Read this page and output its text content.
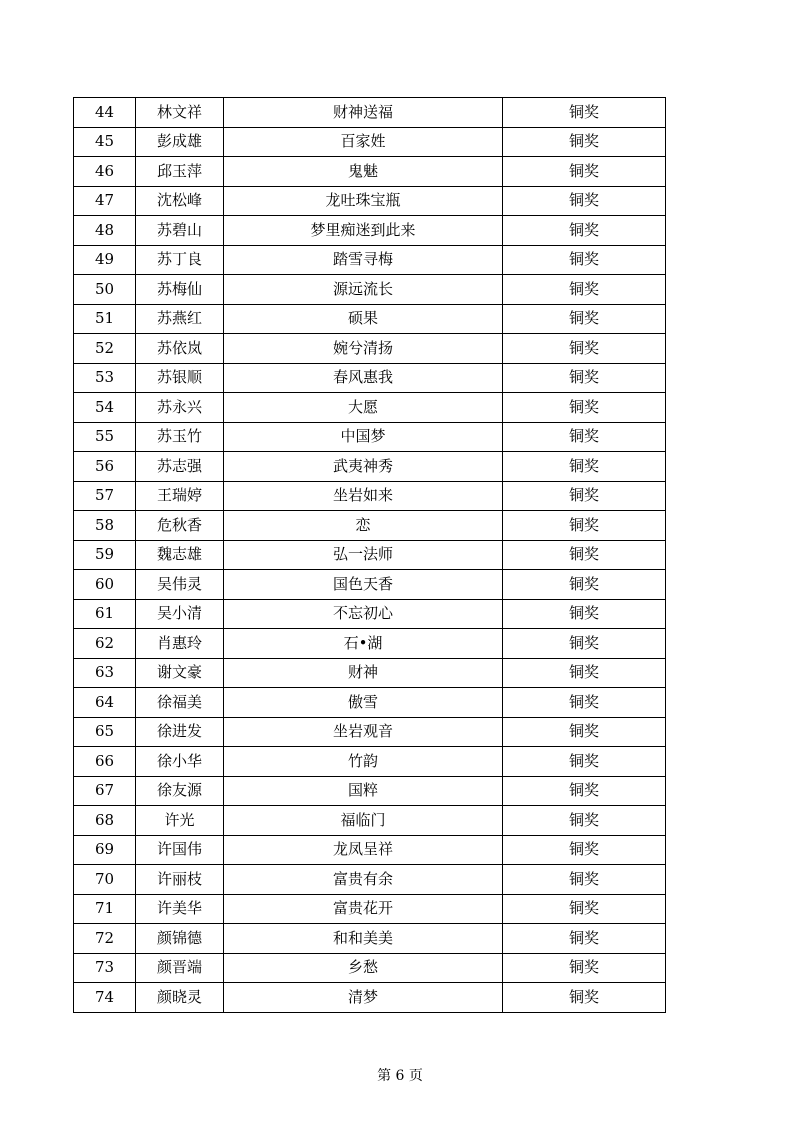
44	林文祥	财神送福	铜奖
45	彭成雄	百家姓	铜奖
46	邱玉萍	鬼魅	铜奖
47	沈松峰	龙吐珠宝瓶	铜奖
48	苏碧山	梦里痴迷到此来	铜奖
49	苏丁良	踏雪寻梅	铜奖
50	苏梅仙	源远流长	铜奖
51	苏燕红	硕果	铜奖
52	苏依岚	婉兮清扬	铜奖
53	苏银顺	春风惠我	铜奖
54	苏永兴	大愿	铜奖
55	苏玉竹	中国梦	铜奖
56	苏志强	武夷神秀	铜奖
57	王瑞婷	坐岩如来	铜奖
58	危秋香	恋	铜奖
59	魏志雄	弘一法师	铜奖
60	吴伟灵	国色天香	铜奖
61	吴小清	不忘初心	铜奖
62	肖惠玲	石•湖	铜奖
63	谢文豪	财神	铜奖
64	徐福美	傲雪	铜奖
65	徐进发	坐岩观音	铜奖
66	徐小华	竹韵	铜奖
67	徐友源	国粹	铜奖
68	许光	福临门	铜奖
69	许国伟	龙凤呈祥	铜奖
70	许丽枝	富贵有余	铜奖
71	许美华	富贵花开	铜奖
72	颜锦德	和和美美	铜奖
73	颜晋端	乡愁	铜奖
74	颜晓灵	清梦	铜奖
第 6 页
